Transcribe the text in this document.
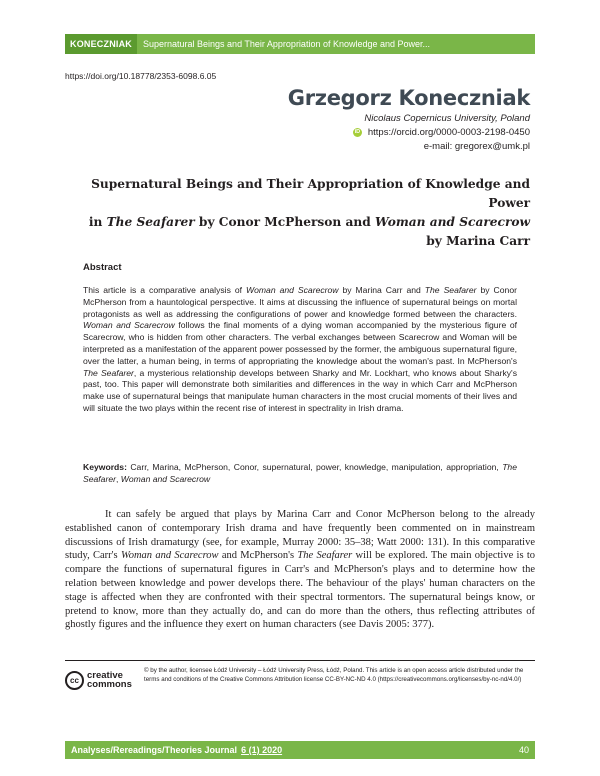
KONECZNIAK	Supernatural Beings and Their Appropriation of Knowledge and Power...
https://doi.org/10.18778/2353-6098.6.05
Grzegorz Koneczniak
Nicolaus Copernicus University, Poland
iD https://orcid.org/0000-0003-2198-0450
e-mail: gregorex@umk.pl
Supernatural Beings and Their Appropriation of Knowledge and Power
in The Seafarer by Conor McPherson and Woman and Scarecrow
by Marina Carr
Abstract

This article is a comparative analysis of Woman and Scarecrow by Marina Carr and The Seafarer by Conor McPherson from a hauntological perspective. It aims at discussing the influence of supernatural beings on mortal protagonists as well as addressing the configurations of power and knowledge formed between the characters. Woman and Scarecrow follows the final moments of a dying woman accompanied by the mysterious figure of Scarecrow, who is hidden from other characters. The verbal exchanges between Scarecrow and Woman will be interpreted as a manifestation of the apparent power possessed by the former, the ambiguous supernatural figure, over the latter, a human being, in terms of appropriating the knowledge about the woman's past. In McPherson's The Seafarer, a mysterious relationship develops between Sharky and Mr. Lockhart, who knows about Sharky's past, too. This paper will demonstrate both similarities and differences in the way in which Carr and McPherson make use of supernatural beings that manipulate human characters in the most crucial moments of their lives and will situate the two plays within the recent rise of interest in spectrality in Irish drama.

Keywords: Carr, Marina, McPherson, Conor, supernatural, power, knowledge, manipulation, appropriation, The Seafarer, Woman and Scarecrow

It can safely be argued that plays by Marina Carr and Conor McPherson belong to the already established canon of contemporary Irish drama and have frequently been commented on in mainstream discussions of Irish dramaturgy (see, for example, Murray 2000: 35–38; Watt 2000: 131). In this comparative study, Carr's Woman and Scarecrow and McPherson's The Seafarer will be explored. The main objective is to compare the functions of supernatural figures in Carr's and McPherson's plays and to determine how the relation between knowledge and power develops there. The behaviour of the plays' human characters on the stage is affected when they are confronted with their spectral tormentors. The supernatural beings know, or pretend to know, more than they actually do, and can do more than the others, thus reflecting attributes of ghostly figures and the influence they exert on human characters (see Davis 2005: 377).

cc creative
commons
© by the author, licensee Łódź University – Łódź University Press, Łódź, Poland. This article is an open access article distributed under the terms and conditions of the Creative Commons Attribution license CC-BY-NC-ND 4.0 (https://creativecommons.org/licenses/by-nc-nd/4.0/)
Analyses/Rereadings/Theories Journal 6 (1) 2020	40
